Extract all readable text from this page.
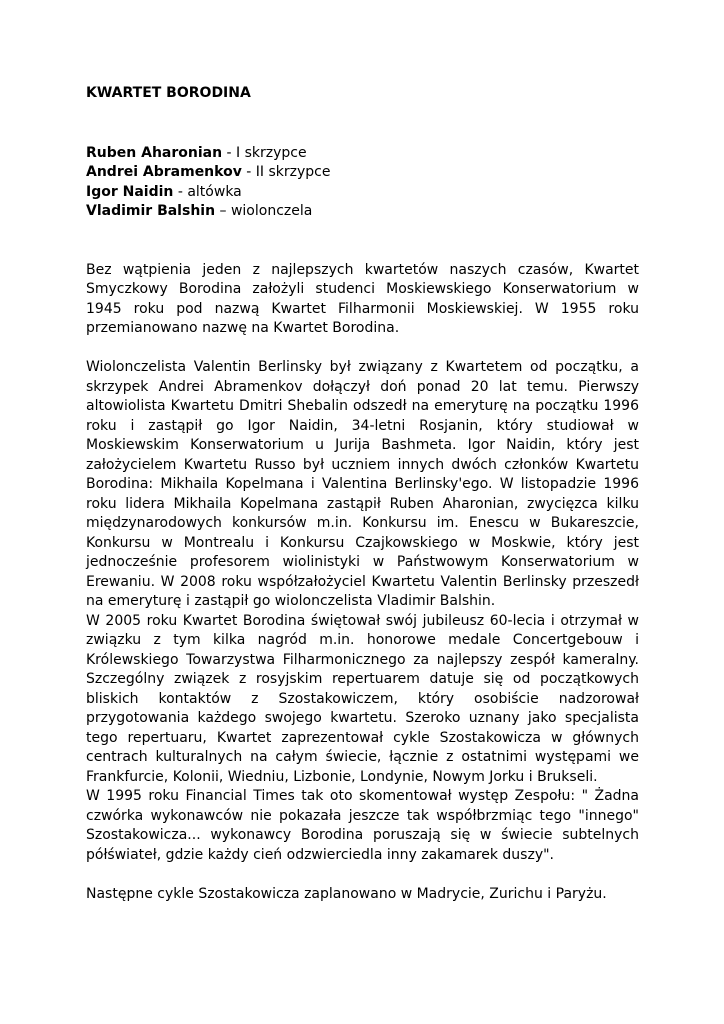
KWARTET BORODINA
Ruben Aharonian - I skrzypce
Andrei Abramenkov - II skrzypce
Igor Naidin - altówka
Vladimir Balshin – wiolonczela

Bez wątpienia jeden z najlepszych kwartetów naszych czasów, Kwartet Smyczkowy Borodina założyli studenci Moskiewskiego Konserwatorium w 1945 roku pod nazwą Kwartet Filharmonii Moskiewskiej. W 1955 roku przemianowano nazwę na Kwartet Borodina.

Wiolonczelista Valentin Berlinsky był związany z Kwartetem od początku, a skrzypek Andrei Abramenkov dołączył doń ponad 20 lat temu. Pierwszy altowiolista Kwartetu Dmitri Shebalin odszedł na emeryturę na początku 1996 roku i zastąpił go Igor Naidin, 34-letni Rosjanin, który studiował w Moskiewskim Konserwatorium u Jurija Bashmeta. Igor Naidin, który jest założycielem Kwartetu Russo był uczniem innych dwóch członków Kwartetu Borodina: Mikhaila Kopelmana i Valentina Berlinsky'ego. W listopadzie 1996 roku lidera Mikhaila Kopelmana zastąpił Ruben Aharonian, zwycięzca kilku międzynarodowych konkursów m.in. Konkursu im. Enescu w Bukareszcie, Konkursu w Montrealu i Konkursu Czajkowskiego w Moskwie, który jest jednocześnie profesorem wiolinistyki w Państwowym Konserwatorium w Erewaniu. W 2008 roku współzałożyciel Kwartetu Valentin Berlinsky przeszedł na emeryturę i zastąpił go wiolonczelista Vladimir Balshin.

W 2005 roku Kwartet Borodina świętował swój jubileusz 60-lecia i otrzymał w związku z tym kilka nagród m.in. honorowe medale Concertgebouw i Królewskiego Towarzystwa Filharmonicznego za najlepszy zespół kameralny. Szczególny związek z rosyjskim repertuarem datuje się od początkowych bliskich kontaktów z Szostakowiczem, który osobiście nadzorował przygotowania każdego swojego kwartetu. Szeroko uznany jako specjalista tego repertuaru, Kwartet zaprezentował cykle Szostakowicza w głównych centrach kulturalnych na całym świecie, łącznie z ostatnimi występami we Frankfurcie, Kolonii, Wiedniu, Lizbonie, Londynie, Nowym Jorku i Brukseli.

W 1995 roku Financial Times tak oto skomentował występ Zespołu: " Żadna czwórka wykonawców nie pokazała jeszcze tak współbrzmiąc tego "innego" Szostakowicza... wykonawcy Borodina poruszają się w świecie subtelnych półświateł, gdzie każdy cień odzwierciedla inny zakamarek duszy".

Następne cykle Szostakowicza zaplanowano w Madrycie, Zurichu i Paryżu.
